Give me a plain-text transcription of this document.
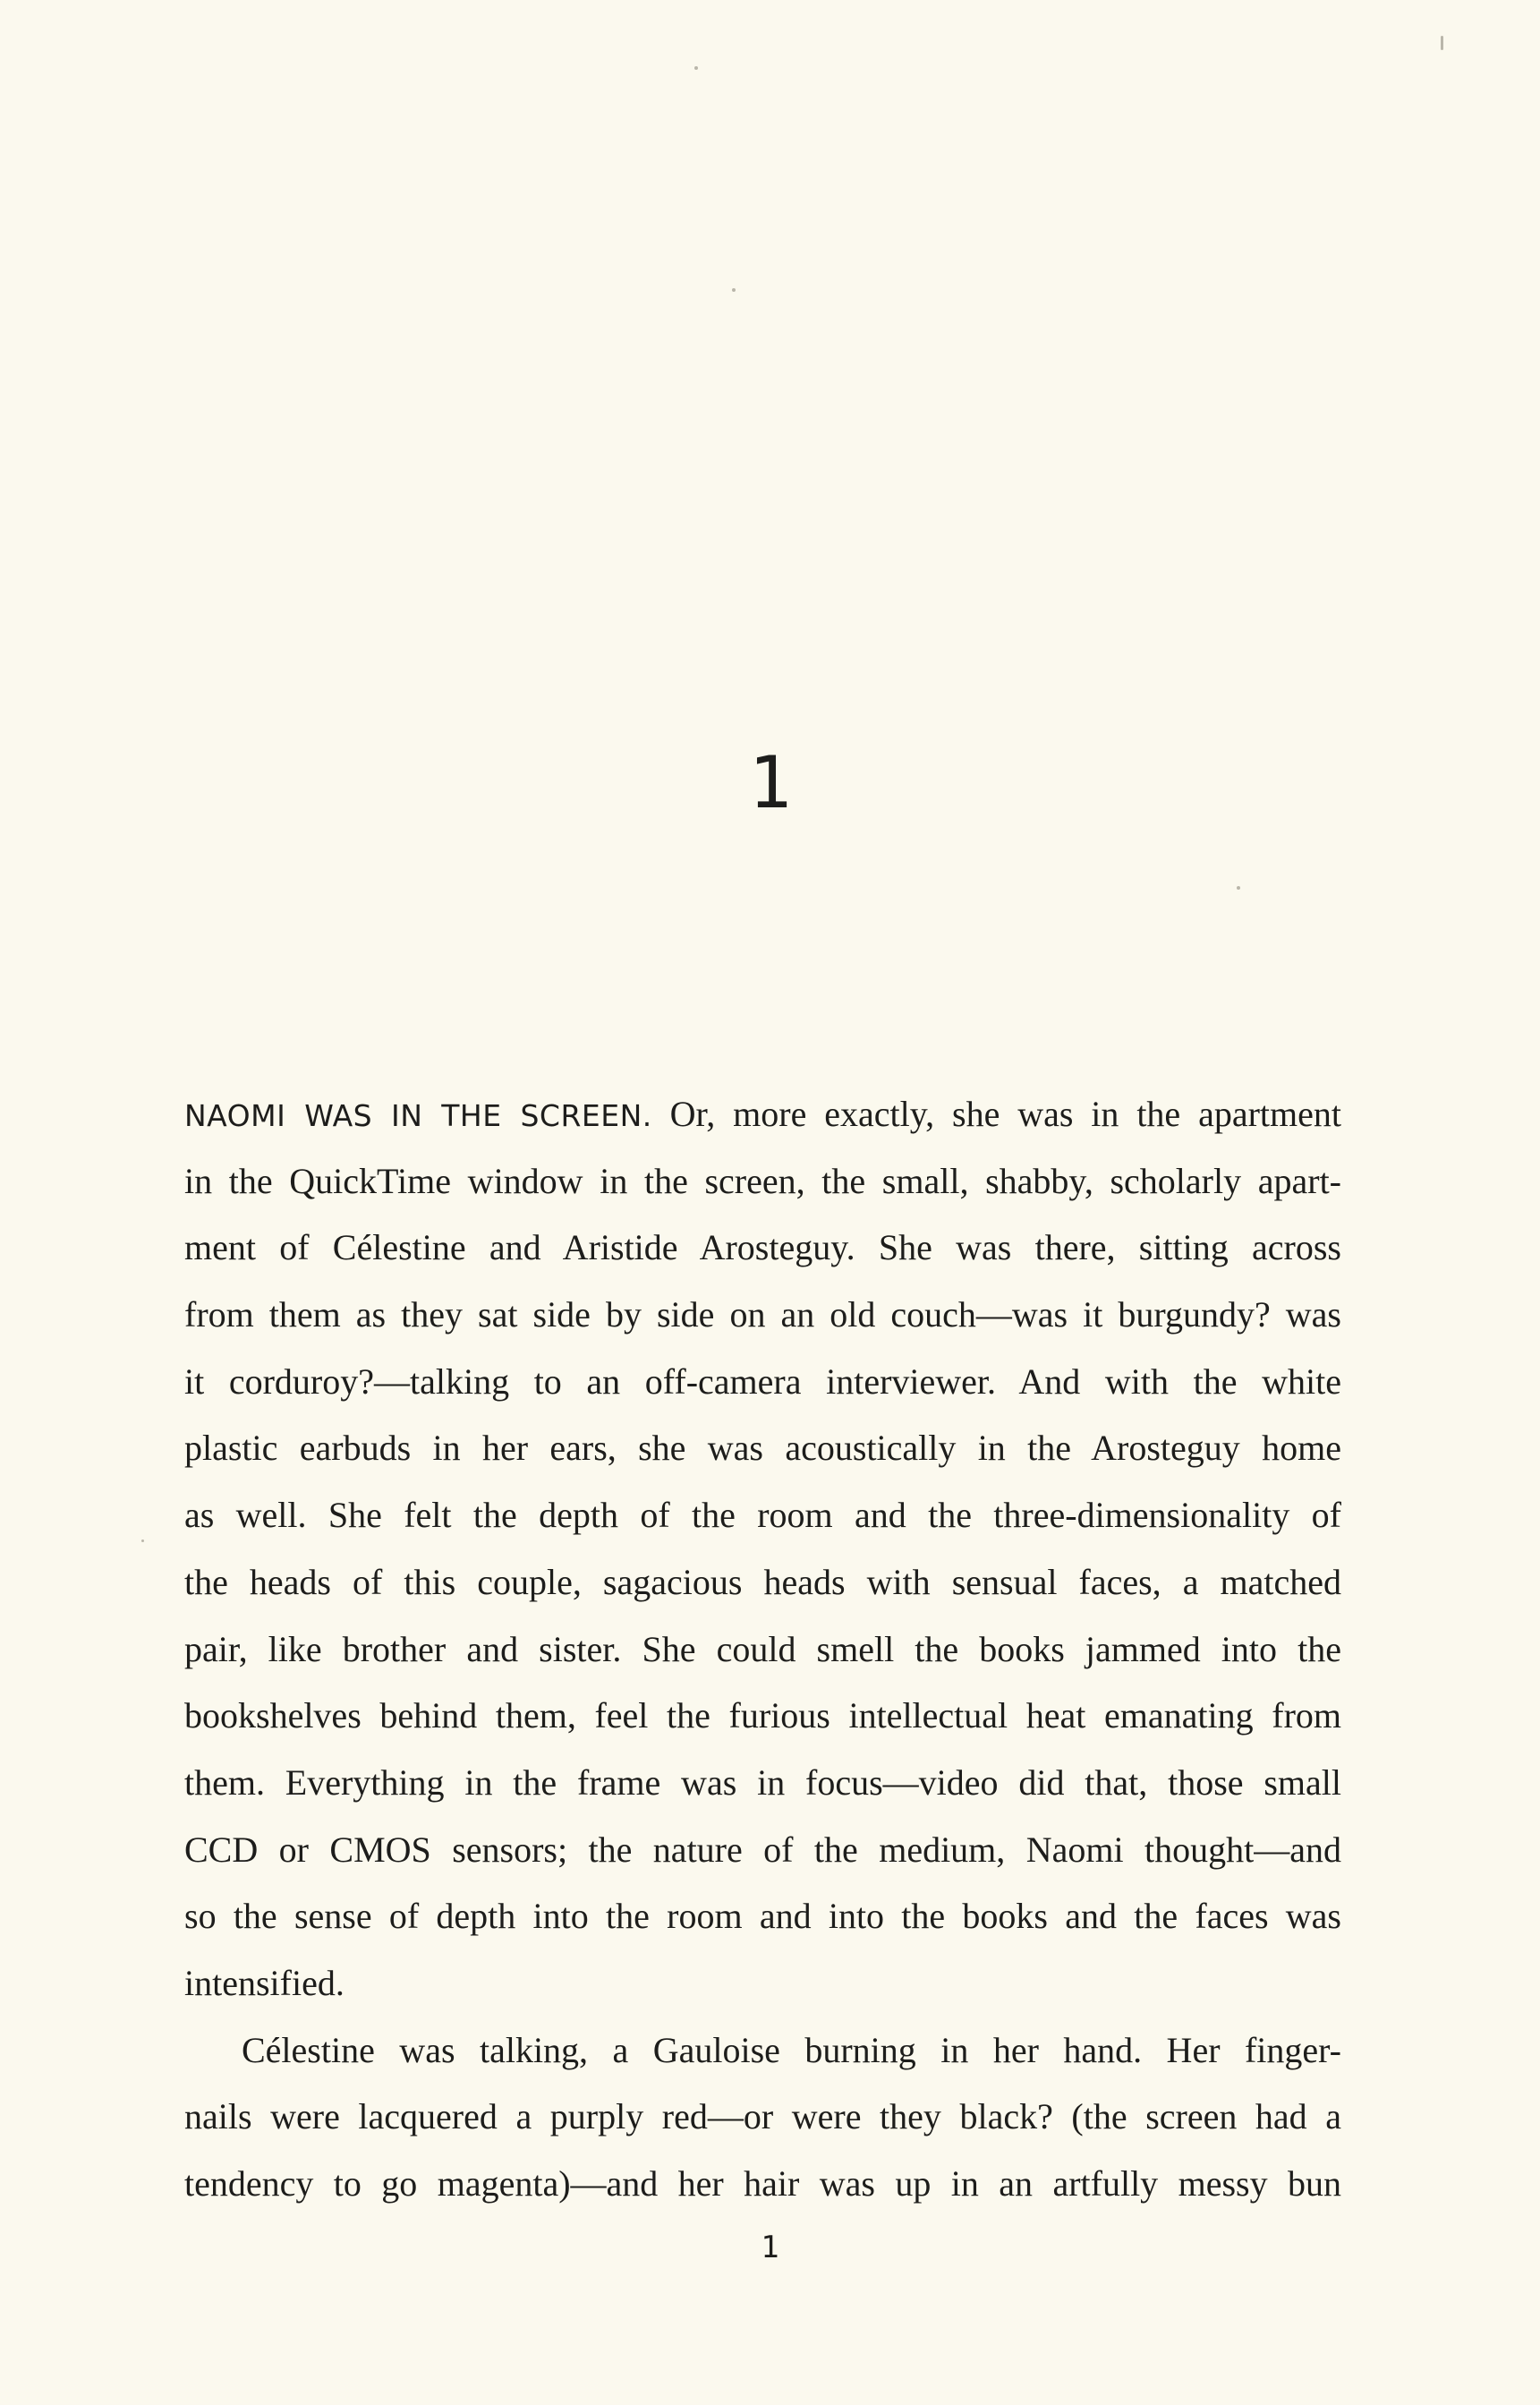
1
NAOMI WAS IN THE SCREEN. Or, more exactly, she was in the apartment
in the QuickTime window in the screen, the small, shabby, scholarly apart-
ment of Célestine and Aristide Arosteguy. She was there, sitting across
from them as they sat side by side on an old couch—was it burgundy? was
it corduroy?—talking to an off-camera interviewer. And with the white
plastic earbuds in her ears, she was acoustically in the Arosteguy home
as well. She felt the depth of the room and the three-dimensionality of
the heads of this couple, sagacious heads with sensual faces, a matched
pair, like brother and sister. She could smell the books jammed into the
bookshelves behind them, feel the furious intellectual heat emanating from
them. Everything in the frame was in focus—video did that, those small
CCD or CMOS sensors; the nature of the medium, Naomi thought—and
so the sense of depth into the room and into the books and the faces was
intensified.
Célestine was talking, a Gauloise burning in her hand. Her finger-
nails were lacquered a purply red—or were they black? (the screen had a
tendency to go magenta)—and her hair was up in an artfully messy bun
1
